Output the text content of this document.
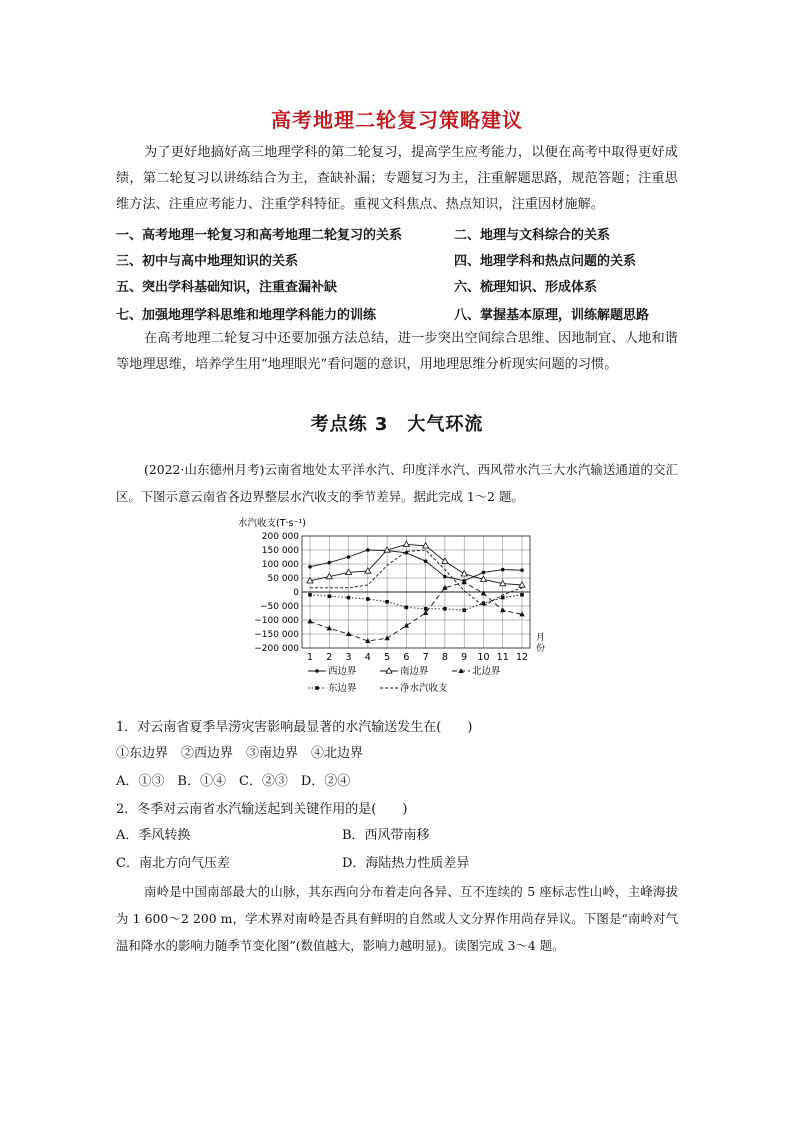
高考地理二轮复习策略建议
为了更好地搞好高三地理学科的第二轮复习，提高学生应考能力，以便在高考中取得更好成绩，第二轮复习以讲练结合为主，查缺补漏；专题复习为主，注重解题思路，规范答题；注重思维方法、注重应考能力、注重学科特征。重视文科焦点、热点知识，注重因材施解。
一、高考地理一轮复习和高考地理二轮复习的关系	二、地理与文科综合的关系
三、初中与高中地理知识的关系	四、地理学科和热点问题的关系
五、突出学科基础知识，注重查漏补缺	六、梳理知识、形成体系
七、加强地理学科思维和地理学科能力的训练	八、掌握基本原理，训练解题思路
在高考地理二轮复习中还要加强方法总结，进一步突出空间综合思维、因地制宜、人地和谐等地理思维，培养学生用“地理眼光”看问题的意识，用地理思维分析现实问题的习惯。
考点练 3　大气环流
(2022·山东德州月考)云南省地处太平洋水汽、印度洋水汽、西风带水汽三大水汽输送通道的交汇区。下图示意云南省各边界整层水汽收支的季节差异。据此完成 1～2 题。
水汽收支(T·s⁻¹)
200 000
150 000
100 000
50 000
0
−50 000
−100 000
−150 000
−200 000
1 2 3 4 5 6 7 8 9 10 11 12
月
份
西边界	南边界	北边界
东边界	净水汽收支
1．对云南省夏季旱涝灾害影响最显著的水汽输送发生在(　　)
①东边界　②西边界　③南边界　④北边界
A．①③　B．①④　C．②③　D．②④
2．冬季对云南省水汽输送起到关键作用的是(　　)
A．季风转换	B．西风带南移
C．南北方向气压差	D．海陆热力性质差异
南岭是中国南部最大的山脉，其东西向分布着走向各异、互不连续的 5 座标志性山岭，主峰海拔为 1 600～2 200 m，学术界对南岭是否具有鲜明的自然或人文分界作用尚存异议。下图是“南岭对气温和降水的影响力随季节变化图”(数值越大，影响力越明显)。读图完成 3～4 题。
